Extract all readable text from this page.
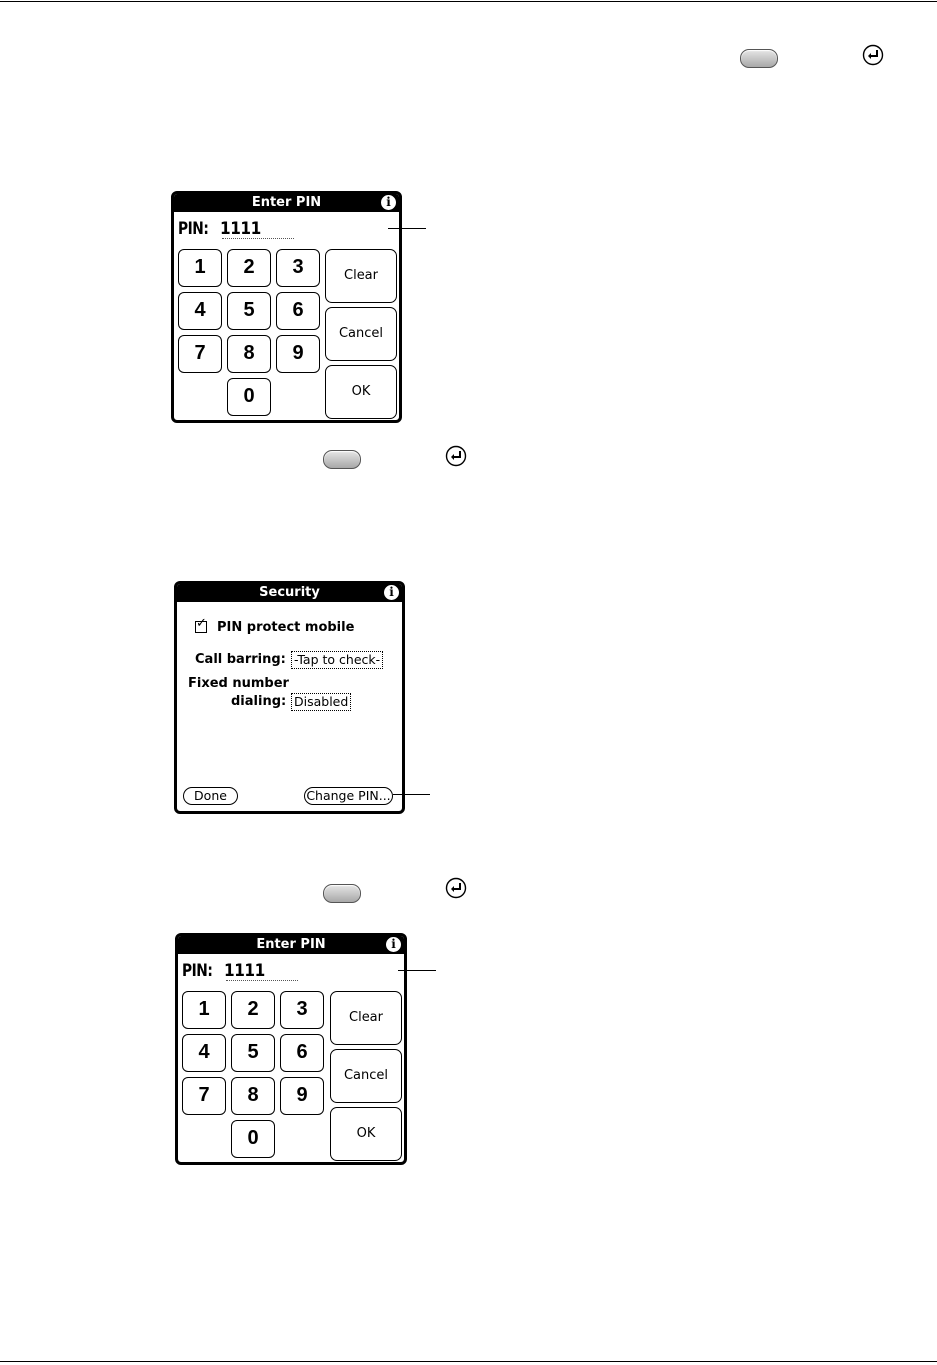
Enter PIN	i
PIN: 1111
1	2	3
4	5	6
7	8	9
0
Clear
Cancel
OK
Security	i
✓
PIN protect mobile
Call barring: -Tap to check-
Fixed number
dialing: Disabled
Done	Change PIN...
Enter PIN	i
PIN: 1111
1	2	3
4	5	6
7	8	9
0
Clear
Cancel
OK
